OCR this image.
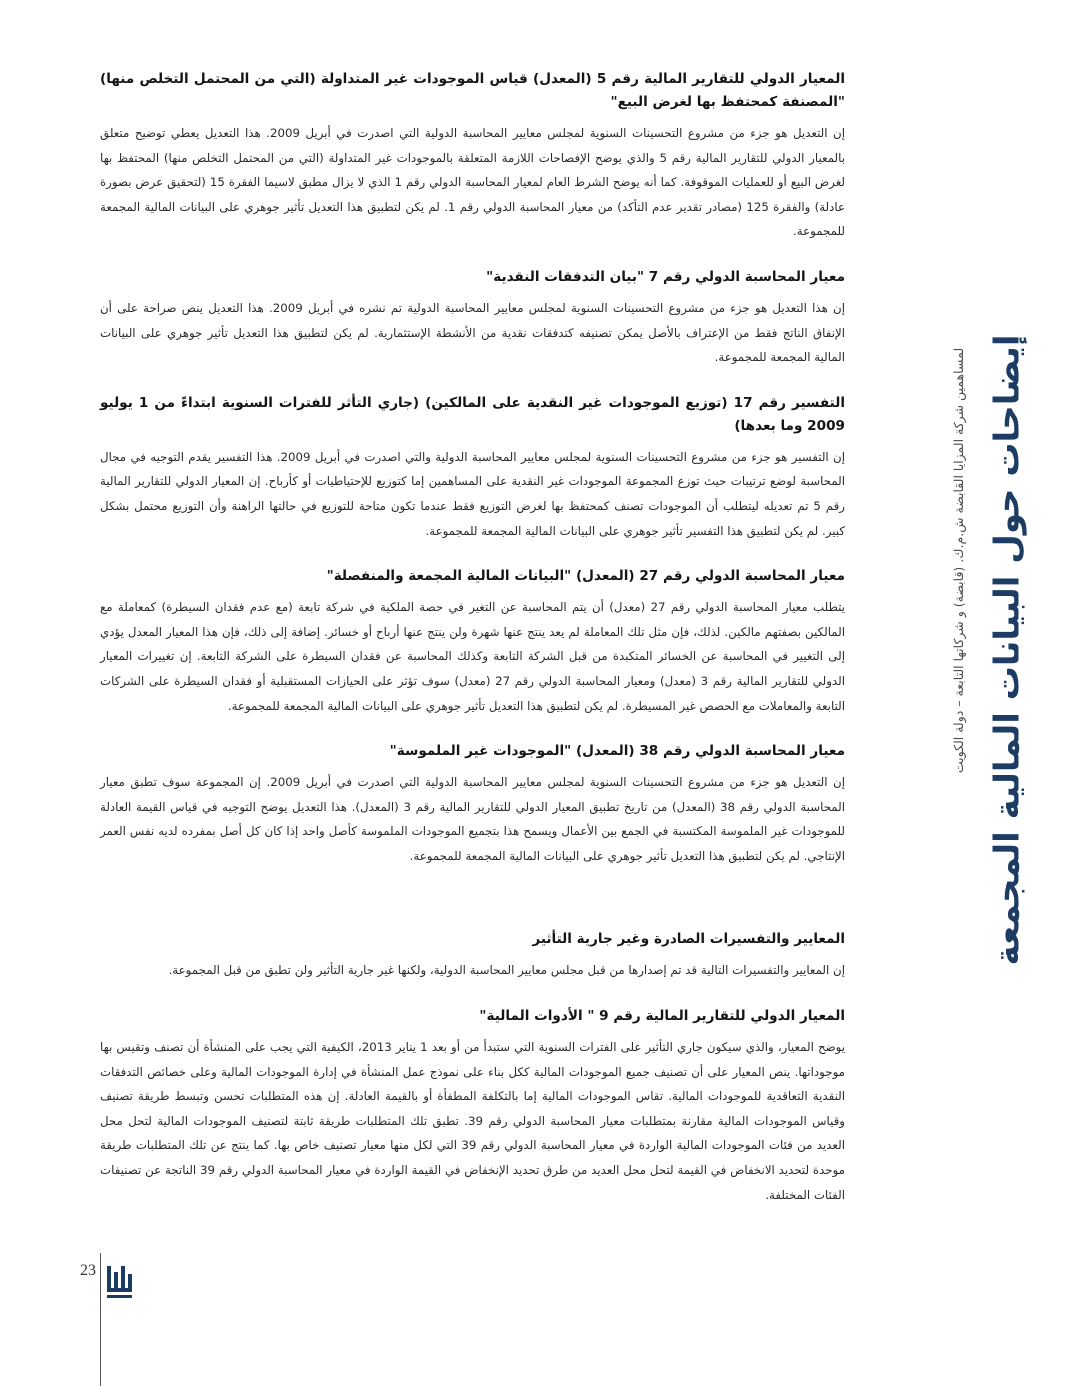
المعيار الدولي للتقارير المالية رقم 5 (المعدل) قياس الموجودات غير المتداولة (التي من المحتمل التخلص منها) "المصنفة كمحتفظ بها لغرض البيع"

إن التعديل هو جزء من مشروع التحسينات السنوية لمجلس معايير المحاسبة الدولية التي اصدرت في أبريل 2009. هذا التعديل يعطي توضيح متعلق بالمعيار الدولي للتقارير المالية رقم 5 والذي يوضح الإفصاحات اللازمة المتعلقة بالموجودات غير المتداولة (التي من المحتمل التخلص منها) المحتفظ بها لغرض البيع أو للعمليات الموقوفة. كما أنه يوضح الشرط العام لمعيار المحاسبة الدولي رقم 1 الذي لا يزال مطبق لاسيما الفقرة 15 (لتحقيق عرض بصورة عادلة) والفقرة 125 (مصادر تقدير عدم التأكد) من معيار المحاسبة الدولي رقم 1. لم يكن لتطبيق هذا التعديل تأثير جوهري على البيانات المالية المجمعة للمجموعة.

معيار المحاسبة الدولي رقم 7 "بيان التدفقات النقدية"

إن هذا التعديل هو جزء من مشروع التحسينات السنوية لمجلس معايير المحاسبة الدولية تم نشره في أبريل 2009. هذا التعديل ينص صراحة على أن الإنفاق الناتج فقط من الإعتراف بالأصل يمكن تصنيفه كتدفقات نقدية من الأنشطة الإستثمارية. لم يكن لتطبيق هذا التعديل تأثير جوهري على البيانات المالية المجمعة للمجموعة.

التفسير رقم 17 (توزيع الموجودات غير النقدية على المالكين) (جاري التأثر للفترات السنوية ابتداءً من 1 يوليو 2009 وما بعدها)

إن التفسير هو جزء من مشروع التحسينات السنوية لمجلس معايير المحاسبة الدولية والتي اصدرت في أبريل 2009. هذا التفسير يقدم التوجيه في مجال المحاسبة لوضع ترتيبات حيث توزع المجموعة الموجودات غير النقدية على المساهمين إما كتوزيع للإحتياطيات أو كأرباح. إن المعيار الدولي للتقارير المالية رقم 5 تم تعديله ليتطلب أن الموجودات تصنف كمحتفظ بها لغرض التوزيع فقط عندما تكون متاحة للتوزيع في حالتها الراهنة وأن التوزيع محتمل بشكل كبير. لم يكن لتطبيق هذا التفسير تأثير جوهري على البيانات المالية المجمعة للمجموعة.

معيار المحاسبة الدولي رقم 27 (المعدل) "البيانات المالية المجمعة والمنفصلة"

يتطلب معيار المحاسبة الدولي رقم 27 (معدل) أن يتم المحاسبة عن التغير في حصة الملكية في شركة تابعة (مع عدم فقدان السيطرة) كمعاملة مع المالكين بصفتهم مالكين. لذلك، فإن مثل تلك المعاملة لم يعد ينتج عنها شهرة ولن ينتج عنها أرباح أو خسائر. إضافة إلى ذلك، فإن هذا المعيار المعدل يؤدي إلى التغيير في المحاسبة عن الخسائر المتكبدة من قبل الشركة التابعة وكذلك المحاسبة عن فقدان السيطرة على الشركة التابعة. إن تغييرات المعيار الدولي للتقارير المالية رقم 3 (معدل) ومعيار المحاسبة الدولي رقم 27 (معدل) سوف تؤثر على الحيازات المستقبلية أو فقدان السيطرة على الشركات التابعة والمعاملات مع الحصص غير المسيطرة. لم يكن لتطبيق هذا التعديل تأثير جوهري على البيانات المالية المجمعة للمجموعة.

معيار المحاسبة الدولي رقم 38 (المعدل) "الموجودات غير الملموسة"

إن التعديل هو جزء من مشروع التحسينات السنوية لمجلس معايير المحاسبة الدولية التي اصدرت في أبريل 2009. إن المجموعة سوف تطبق معيار المحاسبة الدولي رقم 38 (المعدل) من تاريخ تطبيق المعيار الدولي للتقارير المالية رقم 3 (المعدل). هذا التعديل يوضح التوجيه في قياس القيمة العادلة للموجودات غير الملموسة المكتسبة في الجمع بين الأعمال ويسمح هذا بتجميع الموجودات الملموسة كأصل واحد إذا كان كل أصل بمفرده لديه نفس العمر الإنتاجي. لم يكن لتطبيق هذا التعديل تأثير جوهري على البيانات المالية المجمعة للمجموعة.

المعايير والتفسيرات الصادرة وغير جارية التأثير

إن المعايير والتفسيرات التالية قد تم إصدارها من قبل مجلس معايير المحاسبة الدولية، ولكنها غير جارية التأثير ولن تطبق من قبل المجموعة.

المعيار الدولي للتقارير المالية رقم 9 " الأدوات المالية"

يوضح المعيار، والذي سيكون جاري التأثير على الفترات السنوية التي ستبدأ من أو بعد 1 يناير 2013، الكيفية التي يجب على المنشأة أن تصنف وتقيس بها موجوداتها. ينص المعيار على أن تصنيف جميع الموجودات المالية ككل بناء على نموذج عمل المنشأة في إدارة الموجودات المالية وعلى خصائص التدفقات النقدية التعاقدية للموجودات المالية. تقاس الموجودات المالية إما بالتكلفة المطفأة أو بالقيمة العادلة. إن هذه المتطلبات تحسن وتبسط طريقة تصنيف وقياس الموجودات المالية مقارنة بمتطلبات معيار المحاسبة الدولي رقم 39. تطبق تلك المتطلبات طريقة ثابتة لتصنيف الموجودات المالية لتحل محل العديد من فئات الموجودات المالية الواردة في معيار المحاسبة الدولي رقم 39 التي لكل منها معيار تصنيف خاص بها. كما ينتج عن تلك المتطلبات طريقة موحدة لتحديد الانخفاض في القيمة لتحل محل العديد من طرق تحديد الإنخفاض في القيمة الواردة في معيار المحاسبة الدولي رقم 39 الناتجة عن تصنيفات الفئات المختلفة.

إيضاحات حول البيانات المالية المجمعة
لمساهمين شركة المزايا القابضة ش.م.ك. (قابضة) و شركاتها التابعة – دولة الكويت
23
